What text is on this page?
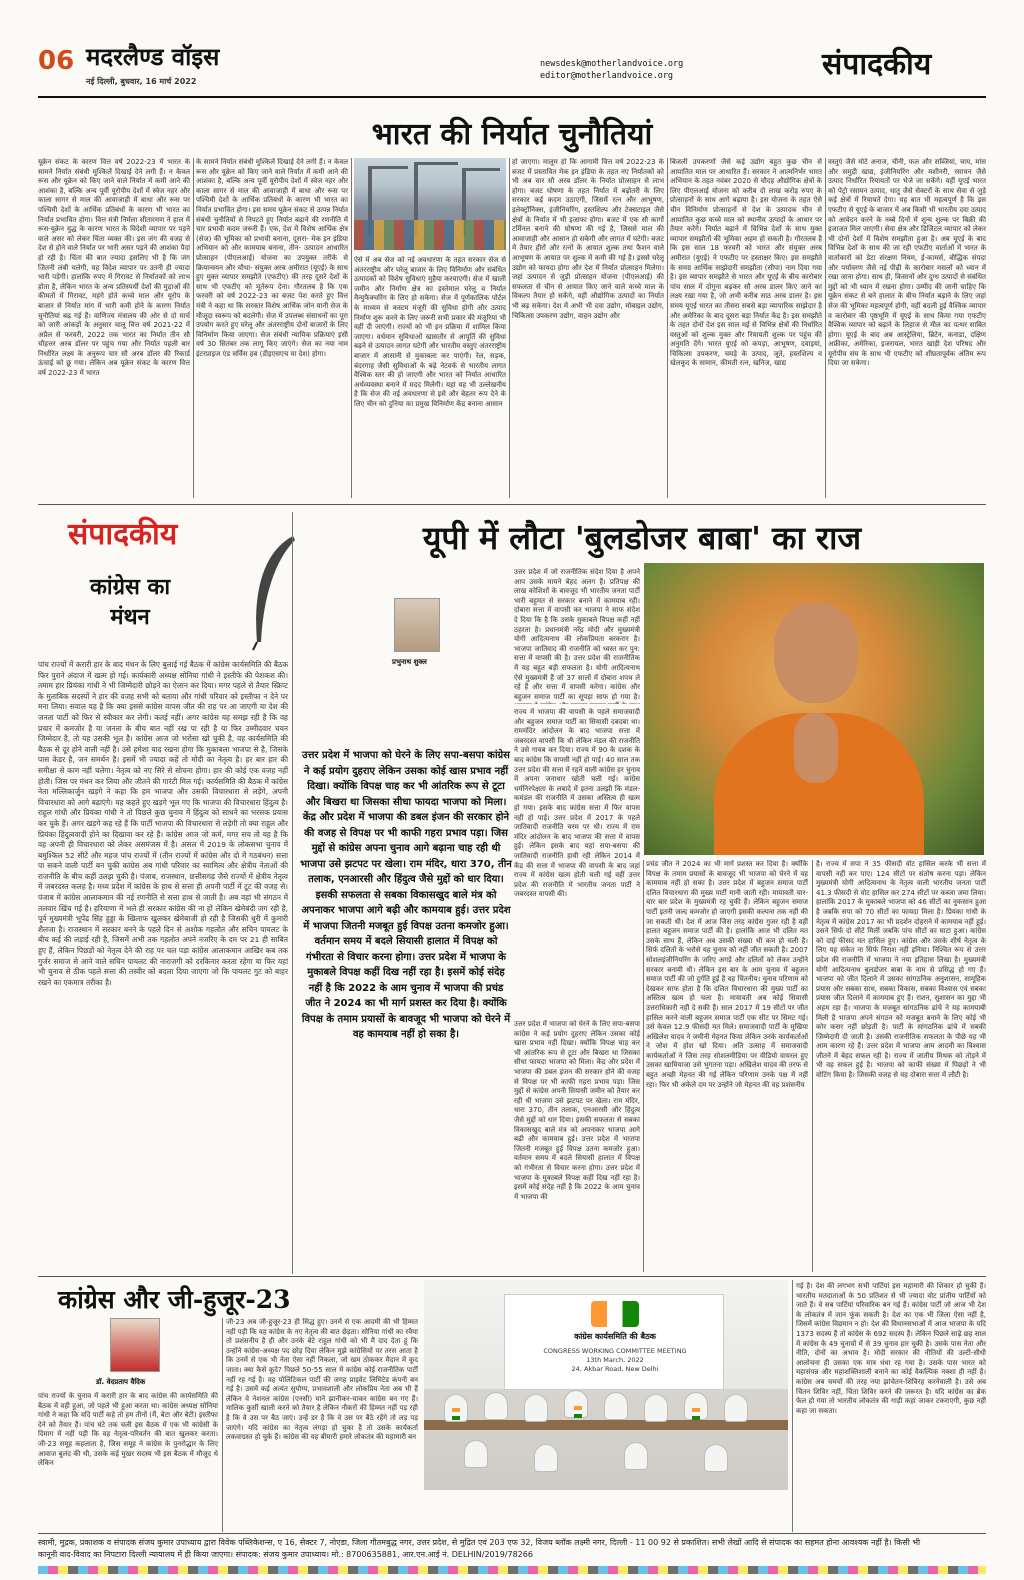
06 मदरलैण्ड वॉइस
नई दिल्ली, बुधवार, 16 मार्च 2022
newsdesk@motherlandvoice.org
editor@motherlandvoice.org	संपादकीय
भारत की निर्यात चुनौतियां
यूक्रेन संकट के कारण वित्त वर्ष 2022-23 में भारत के सामने निर्यात संबंधी मुश्किलें दिखाई देने लगी हैं। न केवल रूस और यूक्रेन को किए जाने वाले निर्यात में कमी आने की आशंका है, बल्कि अन्य पूर्वी यूरोपीय देशों में स्वेज नहर और काला सागर से माल की आवाजाही में बाधा और रूस पर पश्चिमी देशों के आर्थिक प्रतिबंधों के कारण भी भारत का निर्यात प्रभावित होगा। वित्त मंत्री निर्मला सीतारमण ने हाल में रूस-यूक्रेन युद्ध के कारण भारत के विदेशी व्यापार पर पड़ने वाले असर को लेकर चिंता व्यक्त की। इस जंग की वजह से देश से होने वाले निर्यात पर भारी असर पड़ने की आशंका पैदा हो रही है। चिंता की बात ज्यादा इसलिए भी है कि जंग जितनी लंबी चलेगी, यह विदेश व्यापार पर उतनी ही ज्यादा भारी पड़ेगी। हालांकि रुपए में गिरावट से निर्यातकों को लाभ होता है, लेकिन भारत के अन्य प्रतिस्पर्धी देशों की मुद्राओं की कीमतों में गिरावट, महंगे होते कच्चे माल और यूरोप के बाजार से निर्यात मांग में भारी कमी होने के कारण निर्यात चुनौतियां बढ़ गई हैं। वाणिज्य मंत्रालय की ओर से दो मार्च को जारी आंकड़ों के अनुसार चालू वित्त वर्ष 2021-22 में अप्रैल से फरवरी, 2022 तक भारत का निर्यात तीन सौ चौहत्तर अरब डॉलर पर पहुंच गया और निर्यात पहली बार निर्धारित लक्ष्य के अनुरूप चार सौ अरब डॉलर की रिकार्ड ऊंचाई को छू गया। लेकिन अब यूक्रेन संकट के कारण वित्त वर्ष 2022-23 में भारत
के सामने निर्यात संबंधी मुश्किलें दिखाई देने लगी हैं। न केवल रूस और यूक्रेन को किए जाने वाले निर्यात में कमी आने की आशंका है, बल्कि अन्य पूर्वी यूरोपीय देशों में स्वेज नहर और काला सागर से माल की आवाजाही में बाधा और रूस पर पश्चिमी देशों के आर्थिक प्रतिबंधों के कारण भी भारत का निर्यात प्रभावित होगा। इस समय यूक्रेन संकट से उत्पन्न निर्यात संबंधी चुनौतियों से निपटते हुए निर्यात बढ़ाने की रणनीति में चार प्रभावी कदम जरूरी हैं। एक, देश में विशेष आर्थिक क्षेत्र (सेज) की भूमिका को प्रभावी बनाना, दूसरा- मेक इन इंडिया अभियान को और कामयाब बनाना, तीन- उत्पादन आधारित प्रोत्साहन (पीएलआई) योजना का उपयुक्त तरीके से क्रियान्वयन और चौथा- संयुक्त अरब अमीरात (यूएई) के साथ हुए मुक्त व्यापार समझौते (एफटीए) की तरह दूसरे देशों के साथ भी एफटीए को मूर्तरूप देना। गौरतलब है कि एक फरवरी को वर्ष 2022-23 का बजट पेश करते हुए वित्त मंत्री ने कहा था कि सरकार विशेष आर्थिक जोन यानी सेज के मौजूदा स्वरूप को बदलेगी। सेज में उपलब्ध संसाधनों का पूरा उपयोग करते हुए घरेलू और अंतरराष्ट्रीय दोनों बाजारों के लिए विनिर्माण किया जाएगा। सेज संबंधी न्यायिक प्रक्रियाएं इसी वर्ष 30 सितंबर तक लागू किए जाएंगे। सेज का नया नाम इंटरप्राइज एंड सर्विस हब (डीइएसएच या देश) होगा।
ऐसे में अब सेज को नई अवधारणा के तहत सरकार सेज से अंतरराष्ट्रीय और घरेलू बाजार के लिए विनिर्माण और संबंधित उत्पादकों को विशेष सुविधाएं मुहैया करवाएगी। सेज में खाली जमीन और निर्माण क्षेत्र का इस्तेमाल घरेलू व निर्यात मैन्युफैक्चरिंग के लिए हो सकेगा। सेज में पूर्णकालिक पोर्टल के माध्यम से कस्टम मंजूरी की सुविधा होगी और उत्पाद निर्माण शुरू करने के लिए जरूरी सभी प्रकार की मंजूरियां भी वहीं दी जाएंगी। राज्यों को भी इन प्रक्रिया में शामिल किया जाएगा। वर्धमान सुविधाओं खासतौर से आपूर्ति की सुविधा बढ़ने से उत्पादन लागत घटेगी और भारतीय वस्तुएं अंतरराष्ट्रीय बाजार में आसानी से मुकाबला कर पाएंगी। रेल, सड़क, बंदरगाह जैसी सुविधाओं के बढ़े नेटवर्क से भारतीय लागत वैश्विक स्तर की हो जाएगी और भारत को निर्यात आधारित अर्थव्यवस्था बनाने में मदद मिलेगी। यहां यह भी उल्लेखनीय है कि सेज की नई अवधारणा से इसे और बेहतर रूप देने के लिए चीन को दुनिया का प्रमुख विनिर्माण केंद्र बनाना आसान
हो जाएगा। मालूम हो कि आगामी वित्त वर्ष 2022-23 के बजट में प्रस्तावित मेक इन इंडिया के तहत नए निर्यातकों को भी अब चार सौ अरब डॉलर के निर्यात प्रोत्साहन से लाभ होगा। बजट घोषणा के तहत निर्यात में बढ़ोतरी के लिए सरकार कई कदम उठाएगी, जिसमें रत्न और आभूषण, इलेक्ट्रॉनिक्स, इंजीनियरिंग, हस्तशिल्प और टेक्सटाइल जैसे क्षेत्रों के निर्यात में भी इजाफा होगा। बजट में एक सौ कार्गो टर्मिनल बनाने की घोषणा की गई है, जिससे माल की आवाजाही और आसान हो सकेगी और लागत में घटेगी। बजट में तैयार हीरों और रत्नों के आयात शुल्क तथा फैशन वाले आभूषण के आयात पर शुल्क में कमी की गई है। इससे घरेलू उद्योग को फायदा होगा और देश में निर्यात प्रोत्साहन मिलेगा। जहां उत्पादन से जुड़ी प्रोत्साहन योजना (पीएलआई) की सफलता से चीन से आयात किए जाने वाले कच्चे माल के विकल्प तैयार हो सकेंगे, वहीं औद्योगिक उत्पादों का निर्यात भी बढ़ सकेगा। देश में अभी भी दवा उद्योग, मोबाइल उद्योग, चिकित्सा उपकरण उद्योग, वाहन उद्योग और
बिजली उपकरणों जैसे कई उद्योग बहुत कुछ चीन से आयातित माल पर आधारित हैं। सरकार ने आत्मनिर्भर भारत अभियान के तहत नवंबर 2020 से चौदह औद्योगिक क्षेत्रों के लिए पीएलआई योजना को करीब दो लाख करोड़ रुपए के प्रोत्साहनों के साथ आगे बढ़ाया है। इस योजना के तहत ऐसे चीन विनिर्माण प्रोत्साहनों से देश के उत्पादक चीन से आयातित कुछ कच्चे माल को स्थानीय उत्पादों के आधार पर तैयार करेंगे। निर्यात बढ़ाने में विभिन्न देशों के साथ मुक्त व्यापार समझौतों की भूमिका अहम हो सकती है। गौरतलब है कि इस साल 18 फरवरी को भारत और संयुक्त अरब अमीरात (यूएई) ने एफटीए पर हस्ताक्षर किए। इस समझौते के समग्र आर्थिक साझेदारी समझौता (सीपा) नाम दिया गया है। इस व्यापार समझौते से भारत और यूएई के बीच कारोबार पांच साल में दोगुना बढ़कर सौ अरब डालर किए जाने का लक्ष्य रखा गया है, जो अभी करीब साठ अरब डालर है। इस समय यूएई भारत का तीसरा सबसे बड़ा व्यापारिक साझेदार है और अमेरिका के बाद दूसरा बड़ा निर्यात केंद्र है। इस समझौते के तहत दोनों देश इस साल मई से विभिन्न क्षेत्रों की निर्धारित वस्तुओं को शुल्क मुक्त और रियायती शुल्क पर पहुंच की अनुमति देंगे। भारत यूएई को कपड़ा, आभूषण, दवाइयां, चिकित्सा उपकरण, चमड़े के उत्पाद, जूते, हस्तशिल्प व खेलकूद के सामान, कीमती रत्न, खनिज, खाद्य
वस्तुएं जैसे मोटे अनाज, चीनी, फल और सब्जियां, चाय, मांस और समुद्री खाद्य, इंजीनियरिंग और मशीनरी, रसायन जैसे उत्पाद निर्धारित रियायतों पर भेजे जा सकेंगे। वहीं यूएई भारत को पेट्रो रसायन उत्पाद, धातु जैसे सेक्टरों के साथ सेवा से जुड़े कई क्षेत्रों में रियायतें देगा। यह बात भी महत्वपूर्ण है कि इस एफटीए से यूएई के बाजार में अब किसी भी भारतीय दवा उत्पाद को आवेदन करने के नब्बे दिनों में शून्य शुल्क पर बिक्री की इजाजत मिल जाएगी। सेवा क्षेत्र और डिजिटल व्यापार को लेकर भी दोनों देशों में विशेष समझौता हुआ है। अब यूएई के बाद विभिन्न देशों के साथ की जा रही एफटीए वार्ताओं में भारत के वार्ताकारों को डेटा संरक्षण नियम, ई-कामर्स, बौद्धिक संपदा और पर्यावरण जैसे नई पीढ़ी के कारोबार मसलों को ध्यान में रखा जाना होगा। साथ ही, किसानों और दुग्ध उत्पादों से संबंधित मुद्दों को भी ध्यान में रखना होगा। उम्मीद की जानी चाहिए कि यूक्रेन संकट से बने हालात के बीच निर्यात बढ़ाने के लिए जहां सेज की भूमिका महत्वपूर्ण होगी, वहीं बदली हुई वैश्विक व्यापार व कारोबार की पृष्ठभूमि में यूएई के साथ किया गया एफटीए वैश्विक व्यापार को बढ़ाने के लिहाज से मील का पत्थर साबित होगा। यूएई के बाद अब आस्ट्रेलिया, ब्रिटेन, कनाडा, दक्षिण अफ्रीका, अमेरिका, इजरायल, भारत खाड़ी देश परिषद और यूरोपीय संघ के साथ भी एफटीए को शीघ्रतापूर्वक अंतिम रूप दिया जा सकेगा।
संपादकीय
कांग्रेस का
मंथन
पांच राज्यों में करारी हार के बाद मंथन के लिए बुलाई गई बैठक में कांग्रेस कार्यसमिति की बैठक फिर पुराने अंदाज में खत्म हो गई। कार्यकारी अध्यक्ष सोनिया गांधी ने इस्तीफे की पेशकश की। तमाम हार प्रियंका गांधी ने भी जिम्मेदारी छोड़ने का ऐलान कर दिया। मगर पहले से तैयार स्क्रिप्ट के मुताबिक सदस्यों ने हार की वजह सभी को बताया और गांधी परिवार को इस्तीफा न देने पर मना लिया। सवाल यह है कि क्या इससे कांग्रेस वापस जीत की राह पर आ जाएगी या देश की जनता पार्टी को फिर से स्वीकार कर लेगी। कतई नहीं। अगर कांग्रेस यह समझ रही है कि वह प्रचार में कमजोर है या जनता के बीच बात नहीं रख पा रही है या फिर उम्मीदवार चयन जिम्मेदार है, तो यह उसकी भूल है। कांग्रेस आज जो भरोसा खो चुकी है, वह कार्यसमिति की बैठक से दूर होने वाली नहीं है। उसे हमेशा याद रखना होगा कि मुकाबला भाजपा से है, जिसके पास केडर है, जन समर्थन है। इसमें भी ज्यादा कहें तो मोदी का नेतृत्व है। हर बार हार की समीक्षा से काम नहीं चलेगा। नेतृत्व को नए सिरे से सोचना होगा। हार की कोई एक वजह नहीं होती। जिस पर मंथन कर लिया और जीतने की गारंटी मिल गई। कार्यसमिति की बैठक में कांग्रेस नेता मल्लिकार्जुन खड़गे ने कहा कि हम भाजपा और उसकी विचारधारा से लड़ेंगे, अपनी विचारधारा को आगे बढ़ाएंगे। यह कहते हुए खड़गे भूल गए कि भाजपा की विचारधारा हिंदुत्व है। राहुल गांधी और प्रियंका गांधी ने तो पिछले कुछ चुनाव में हिंदुत्व को साधने का भरसक प्रयास कर चुके हैं। अगर खड़गे कह रहे हैं कि पार्टी भाजपा की विचारधारा से लड़ेगी तो क्या राहुल और प्रियंका हिंदुत्ववादी होने का दिखावा कर रहे हैं। कांग्रेस आज जो कर्म, मगर सच तो यह है कि वह अपनी ही विचारधारा को लेकर असमंजस में है। असल में 2019 के लोकसभा चुनाव में बमुश्किल 52 सीटें और महज पांच राज्यों में (तीन राज्यों में कांग्रेस और दो में गठबंधन) सत्ता पा सकने वाली पार्टी बन चुकी कांग्रेस अब गांधी परिवार का स्वामित्व और क्षेत्रीय नेताओं की राजनीति के बीच कहीं उलझ चुकी है। पंजाब, राजस्थान, छत्तीसगढ़ जैसे राज्यों में क्षेत्रीय नेतृत्व में जबरदस्त कलह है। मध्य प्रदेश में कांग्रेस के हाथ से सत्ता ही अपनी पार्टी में टूट की वजह से। पंजाब में कांग्रेस आलाकमान की नई रणनीति से सत्ता हाथ से जाती है। अब वहां भी संगठन में तलवार खिंच गई है। हरियाणा में भले ही सरकार कांग्रेस की ना हो लेकिन खेमेबंदी जग रही है, पूर्व मुख्यमंत्री भूपेंद्र सिंह हुड्डा के खिलाफ खुलकर खेमेबाजी हो रही है जिसकी धुरी में कुमारी शैलजा है। राजस्थान में सरकार बनने के पहले दिन से अशोक गहलोत और सचिन पायलट के बीच कई की लड़ाई रही है, जिसमें अभी तक गहलोत अपने नजरिए के दम पर 21 ही साबित हुए हैं, लेकिन पिछड़ों को नेतृत्व देने की राह पर चल पड़ा कांग्रेस आलाकमान आखिर कब तक गुर्जर समाज से आने वाले सचिन पायलट की नाराजगी को दरकिनार करता रहेगा या फिर यहां भी चुनाव से ठीक पहले सत्ता की तस्वीर को बदला दिया जाएगा जो कि पायलट गुट को बाहर रखने का एकमात्र तरीका है।
यूपी में लौटा 'बुलडोजर बाबा' का राज
प्रभुनाथ शुक्ल
उत्तर प्रदेश में भाजपा को घेरने के लिए सपा-बसपा कांग्रेस ने कई प्रयोग दुहराए लेकिन उसका कोई खास प्रभाव नहीं दिखा। क्योंकि विपक्ष चाह कर भी आंतरिक रूप से टूटा और बिखरा था जिसका सीधा फायदा भाजपा को मिला। केंद्र और प्रदेश में भाजपा की डबल इंजन की सरकार होने की वजह से विपक्ष पर भी काफी गहरा प्रभाव पड़ा। जिस मुद्दों से कांग्रेस अपना चुनाव आगे बढ़ाना चाह रही थी भाजपा उसे झटपट पर खेला। राम मंदिर, धारा 370, तीन तलाक, एनआरसी और हिंदुत्व जैसे मुद्दों को धार दिया। इसकी सफलता से सबका विकासखुद बाले मंत्र को अपनाकर भाजपा आगे बढ़ी और कामयाब हुई। उत्तर प्रदेश में भाजपा जितनी मजबूत हुई विपक्ष उतना कमजोर हुआ। वर्तमान समय में बदले सियासी हालात में विपक्ष को गंभीरता से विचार करना होगा। उत्तर प्रदेश में भाजपा के मुकाबले विपक्ष कहीं दिख नहीं रहा है। इसमें कोई संदेह नहीं है कि 2022 के आम चुनाव में भाजपा की प्रचंड जीत ने 2024 का भी मार्ग प्रशस्त कर दिया है। क्योंकि विपक्ष के तमाम प्रयासों के बावजूद भी भाजपा को घेरने में वह कामयाब नहीं हो सका है।
उत्तर प्रदेश में जो राजनीतिक संदेश दिया है अपने आप उसके मायने बेहद अलग हैं। प्रतिपक्ष की लाख कोशिशों के बावजूद भी भारतीय जनता पार्टी भारी बहुमत से सरकार बनाने में कामयाब रही। दोबारा सत्ता में वापसी कर भाजपा ने साफ संदेश दे दिया कि है कि उसके मुकाबले विपक्ष कहीं नहीं ठहरता है। प्रधानमंत्री नरेंद्र मोदी और मुख्यमंत्री योगी आदित्यनाथ की लोकप्रियता बरकरार है। भाजपा जातिवाद की राजनीति को ध्वस्त कर पुन: सत्ता में वापसी की है। उत्तर प्रदेश की राजनीतिक में यह बहुत बड़ी सफलता है। योगी आदित्यनाथ ऐसे मुख्यमंत्री हैं जो 37 सालों में दोबारा शपथ ले रहे हैं और सत्ता में वापसी करेगा। कांग्रेस और बहुजन समाज पार्टी का सूपड़ा साफ हो गया है।
राज्य में भाजपा की वापसी के पहले समाजवादी और बहुजन समाज पार्टी का सियासी दबदबा था। राममंदिर आंदोलन के बाद भाजपा सत्ता में जबरदस्त वापसी कि थी लेकिन मंडल की राजनीति ने उसे गायब कर दिया। राज्य में 90 के दशक के बाद कांग्रेस कि वापसी नहीं हो पाई। 40 साल तक उत्तर प्रदेश की सत्ता में रहने वाली कांग्रेस हर चुनाव में अपना जनाधार खोती चली गई। कांग्रेस धर्मनिरपेक्षता के लबादे में इतना उलझी कि मंडल-कमंडल की राजनीति में उसका अस्तित्व ही खत्म हो गया। इसके बाद कांग्रेस सत्ता में फिर वापस नहीं हो पाई। उत्तर प्रदेश में 2017 के पहले जातिवादी राजनीति चरम पर थी। राज्य में राम मंदिर आंदोलन के बाद भाजपा की सत्ता में वापस हुई। लेकिन इसके बाद यहां सपा-बसपा की जातिवादी राजनीति हावी रही लेकिन 2014 में केंद्र की सत्ता में भाजपा की वापसी के बाद जहां राज्य में कांग्रेस खत्म होती चली गई वहीं उत्तर प्रदेश की राजनीति में भारतीय जनता पार्टी ने जबरदस्त वापसी की।
उत्तर प्रदेश में भाजपा को घेरने के लिए सपा-बसपा कांग्रेस ने कई प्रयोग दुहराए लेकिन उसका कोई खास प्रभाव नहीं दिखा। क्योंकि विपक्ष चाह कर भी आंतरिक रूप से टूटा और बिखरा था जिसका सीधा फायदा भाजपा को मिला। केंद्र और प्रदेश में भाजपा की डबल इंजन की सरकार होने की वजह से विपक्ष पर भी काफी गहरा प्रभाव पड़ा। जिस मुद्दों से कांग्रेस अपनी सियासी जमीन को तैयार कर रही थी भाजपा उसे झटपट पर खेला। राम मंदिर, धारा 370, तीन तलाक, एनआरसी और हिंदुत्व जैसे मुद्दों को धार दिया। इसकी सफलता से सबका विकासखुद बाले मंत्र को अपनाकर भाजपा आगे बढ़ी और कामयाब हुई। उत्तर प्रदेश में भाजपा जितनी मजबूत हुई विपक्ष उतना कमजोर हुआ। वर्तमान समय में बदले सियासी हालात में विपक्ष को गंभीरता से विचार करना होगा। उत्तर प्रदेश में भाजपा के मुकाबले विपक्ष कहीं दिख नहीं रहा है। इसमें कोई संदेह नहीं है कि 2022 के आम चुनाव में भाजपा की
प्रचंड जीत ने 2024 का भी मार्ग प्रशस्त कर दिया है। क्योंकि विपक्ष के तमाम प्रयासों के बावजूद भी भाजपा को घेरने में वह कामयाब नहीं हो सका है। उत्तर प्रदेश में बहुजन समाज पार्टी दलित विचारधारा की मुख्य पार्टी मानी जाती रही। मायावती चार-चार बार प्रदेश के मुख्यमंत्री रह चुकी हैं। लेकिन बहुजन समाज पार्टी इतनी जल्द कमजोर हो जाएगी इसकी कल्पना तक नहीं की जा सकती थी। देश में आज जिस तरह कांग्रेस गुजर रही है वहीं हालत बहुजन समाज पार्टी की है। हालांकि आज भी दलित मत उसके साथ हैं, लेकिन अब उसकी संख्या भी कम हो चली है। सिर्फ दलितों के भरोसे यह चुनाव को नहीं जीत सकती है। 2007 सोशलइंजीनियरिंग के जरिए अगड़े और दलितों को लेकर उन्होंने सरकार बनायी थी। लेकिन इस बार के आम चुनाव में बहुजन समाज पार्टी की जो दुर्गति हुई है वह चिंतनीय। चुनाव परिणाम को देखकर साफ होता है कि दलित विचारधारा की मुख्य पार्टी का अस्तित्व खत्म हो चला है। मायावती अब कोई सियासी उत्तराधिकारी नहीं दे सकी हैं। साल 2017 में 19 सीटों पर जीत हासिल करने वाली बहुजन समाज पार्टी एक सीट पर सिमट गई। उसे केवल 12.9 फीसदी मत मिले। समाजवादी पार्टी के मुखिया अखिलेश यादव ने जमीनी मेहनत किया लेकिन उनके कार्यकर्ताओं ने जोश में होश खो दिया। अति उत्साह में समाजवादी कार्यकर्ताओं ने जिस तरह सोशलमीडिया पर वीडियो वायरल हुए उसका खामियाजा उसे भुगतना पड़ा। अखिलेश यादव की तरफ से बहुत अच्छी मेहनत की गई लेकिन परिणाम उनके पक्ष में नहीं रहा। फिर भी अकेले दम पर उन्होंने जो मेहनत की वह प्रशंसनीय
है। राज्य में सपा ने 35 फीसदी वोट हासिल करके भी सत्ता में वापसी नहीं कर पाए। 124 सीटों पर संतोष करना पड़ा। लेकिन मुख्यमंत्री योगी आदित्यनाथ के नेतृत्व वाली भारतीय जनता पार्टी 41.3 फीसदी से वोट हासिल कर 274 सीटों पर कब्जा जमा लिया। हालांकि 2017 के मुकाबले भाजपा को 46 सीटों का नुकसान हुआ है जबकि सपा को 70 सीटों का फायदा मिला है। प्रियंका गांधी के नेतृत्व में कांग्रेस 2017 का भी प्रदर्शन दोहराने में कामयाब नहीं हुई। उसने सिर्फ दो सीटें मिलीं जबकि पांच सीटों का घाटा हुआ। कांग्रेस को दाई फीसद मत हासिल हुए। कांग्रेस और उसके शीर्ष नेतृत्व के लिए यह संकेत ना सिर्फ निराश नहीं इनिया। निश्चित रूप से उत्तर प्रदेश की राजनीति में भाजपा ने नया इतिहास लिखा है। मुख्यमंत्री योगी आदित्यनाथ बुलडोजर बाबा के नाम से प्रसिद्ध हो गए हैं। भाजपा को जीत दिलाने में उसका सांगठनिक अनुशासन, सामूहिक प्रयास और सबका साथ, सबका विकास, सबका विश्वास एवं सबका प्रयास जीत दिलाने में कामयाब हुए हैं। राशन, सुशासन का मुद्दा भी अहम रहा है। भाजपा के मजबूत सांगठनिक ढांचे ने यह कामयाबी मिली है भाजपा अपने संगठन को मजबूत बनाने के लिए कोई भी कोर कसर नहीं छोड़ती है। पार्टी के सांगठनिक ढांचे में सबकी जिम्मेदारी दी जाती है। उसकी राजनीतिक सफलता के पीछे यह भी आम कारण रहे हैं। उत्तर प्रदेश में भाजपा आम आदमी का विश्वास जीतने में बेहद सफल रही है। राज्य में जातीय मिथक को तोड़ने में भी वह सफल हुई है। भाजपा को काफी संख्या में पिछड़ों ने भी वोटिंग किया है। जिसकी वजह से वह दोबारा सत्ता में लौटी है।
कांग्रेस और जी-हुजूर-23
डॉ. वेदप्रताप वैदिक
पांच राज्यों के चुनाव में करारी हार के बाद कांग्रेस की कार्यसमिति की बैठक में वही हुआ, जो पहले भी हुआ करता था। कांग्रेस अध्यक्ष सोनिया गांधी ने कहा कि यदि पार्टी कहे तो हम तीनों (मैं, बेटा और बेटी) इस्तीफा देने को तैयार हैं। पांच घंटे तक चली इस बैठक में एक भी कांग्रेसी के दिमाग में नहीं पड़ी कि वह नेतृत्व-परिवर्तन की बात खुलकर करता। जी-23 समूह कहलाता है, जिस समूह ने कांग्रेस के पुनरोद्धार के लिए आवाज बुलंद की थी, उसके कई मुखर सदस्य भी इस बैठक में मौजूद थे लेकिन
जी-23 अब जी-हुजूर-23 ही सिद्ध हुए। उनमें से एक आदमी की भी हिम्मत नहीं पड़ी कि वह कांग्रेस के नए नेतृत्व की बात छेड़ता। सोनिया गांधी का रवैया तो प्रशंसनीय है ही और उनके बेटे राहुल गांधी को भी मैं दाद देता हूं कि उन्होंने कांग्रेस-अध्यक्ष पद छोड़ दिया लेकिन मुझे कांग्रेसियों पर तरस आता है कि उनमें से एक भी नेता ऐसा नहीं निकला, जो खम ठोककर मैदान में कूद जाता। क्या कैसे कूदे? पिछले 50-55 साल में कांग्रेस कोई राजनीतिक पार्टी नहीं रह गई है। वह पोलिटिकल पार्टी की जगह प्राइवेट लिमिटेड कंपनी बन गई है। उसमें कई अत्यंत सुयोग्य, प्रभावशाली और लोकप्रिय नेता अब भी हैं लेकिन वे नेशनल कांग्रेस (एनसी) याने झानीकर-चाकर कांग्रेस बन गए हैं। मालिक कुर्सी खाली करने को तैयार है लेकिन नौकरों की हिम्मत नहीं पड़ रही है कि वे उस पर बैठ जाएं। उन्हें डर है कि वे उस पर बैठे रहेंगे तो लड़ पड़ जाएंगे। यदि कांग्रेस का नेतृत्व लंगड़ा हो चुका है तो उसके कार्यकर्ता लकवाग्रस्त हो चुके हैं। कांग्रेस की यह बीमारी हमारे लोकतंत्र की महामारी बन
कांग्रेस कार्यसमिति की बैठक
CONGRESS WORKING COMMITTEE MEETING
13th March, 2022
24, Akbar Road, New Delhi
गई है। देश की लगभग सभी पार्टियां इस महामारी की शिकार हो चुकी हैं। भारतीय मतदाताओं के 50 प्रतिशत से भी ज्यादा वोट प्रांतीय पार्टियों को जाते हैं। वे सब पार्टियां परिवारिक बन गई हैं। कांग्रेस पार्टी जो आज भी देश के लोकतंत्र में जान फूंक सकती है। देश का एक भी जिला ऐसा नहीं है, जिसमें कांग्रेस विद्यमान न हो। देश की विधानसभाओं में आज भाजपा के यदि 1373 सदस्य हैं तो कांग्रेस के 692 सदस्य हैं। लेकिन पिछले साढ़े छह साल में कांग्रेस के 49 चुनावों में से 39 चुनाव हार चुकी है। उसके पास नेता और नीति, दोनों का अभाव है। मोदी सरकार की नीतियों की उल्टी-सीधी आलोचना ही उसका एक मात्र धंधा रह गया है। उसके पास भारत को महासंपन्न और महाशक्तिशाली बनाने का कोई वैकल्पिक नक्शा ही नहीं है। कांग्रेस अब चमचों की तरह नया झांचेतन-शिविरह करनेवाली है। उसे अब चिंतन शिविर नहीं, चिंता शिविर करने की जरूरत है। यदि कांग्रेस का ब्रेक फेल हो गया तो भारतीय लोकतंत्र की गाड़ी कहां जाकर टकराएगी, कुछ नहीं कहा जा सकता।
स्वामी, मुद्रक, प्रकाशक व संपादक संजय कुमार उपाध्याय द्वारा विवेक पब्लिकेशन्स, ए 16, सेक्टर 7, नोएडा, जिला गौतमबुद्ध नगर, उत्तर प्रदेश, से मुद्रित एवं 203 एफ 32, विजय ब्लॉक लक्ष्मी नगर, दिल्ली - 11 00 92 से प्रकाशित। सभी लेखों आदि से संपादक का सहमत होना आवश्यक नहीं है। किसी भी
कानूनी वाद-विवाद का निपटारा दिल्ली न्यायालय में ही किया जाएगा। संपादक: संजय कुमार उपाध्याय। मो.: 8700635881, आर.एन.आई नं. DELHIN/2019/78266
